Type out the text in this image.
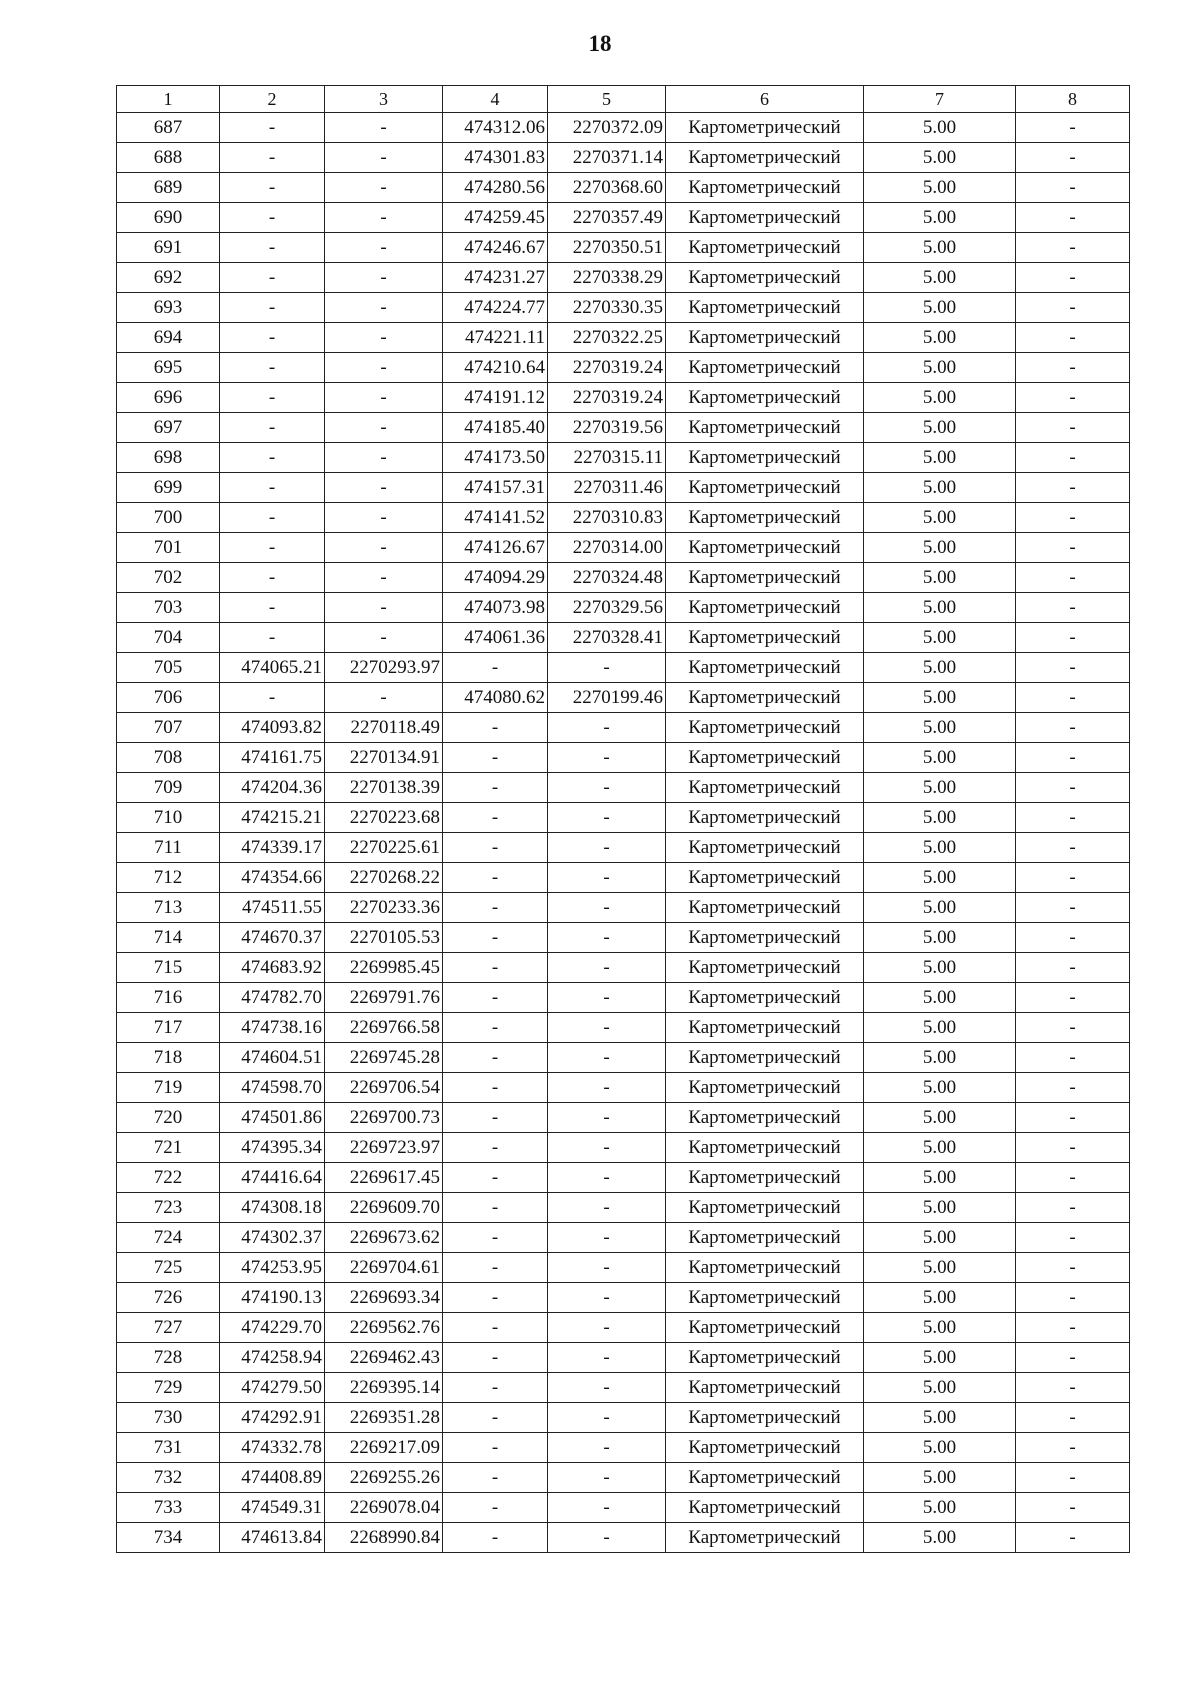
18
1	2	3	4	5	6	7	8
687	-	-	474312.06	2270372.09	Картометрический	5.00	-
688	-	-	474301.83	2270371.14	Картометрический	5.00	-
689	-	-	474280.56	2270368.60	Картометрический	5.00	-
690	-	-	474259.45	2270357.49	Картометрический	5.00	-
691	-	-	474246.67	2270350.51	Картометрический	5.00	-
692	-	-	474231.27	2270338.29	Картометрический	5.00	-
693	-	-	474224.77	2270330.35	Картометрический	5.00	-
694	-	-	474221.11	2270322.25	Картометрический	5.00	-
695	-	-	474210.64	2270319.24	Картометрический	5.00	-
696	-	-	474191.12	2270319.24	Картометрический	5.00	-
697	-	-	474185.40	2270319.56	Картометрический	5.00	-
698	-	-	474173.50	2270315.11	Картометрический	5.00	-
699	-	-	474157.31	2270311.46	Картометрический	5.00	-
700	-	-	474141.52	2270310.83	Картометрический	5.00	-
701	-	-	474126.67	2270314.00	Картометрический	5.00	-
702	-	-	474094.29	2270324.48	Картометрический	5.00	-
703	-	-	474073.98	2270329.56	Картометрический	5.00	-
704	-	-	474061.36	2270328.41	Картометрический	5.00	-
705	474065.21	2270293.97	-	-	Картометрический	5.00	-
706	-	-	474080.62	2270199.46	Картометрический	5.00	-
707	474093.82	2270118.49	-	-	Картометрический	5.00	-
708	474161.75	2270134.91	-	-	Картометрический	5.00	-
709	474204.36	2270138.39	-	-	Картометрический	5.00	-
710	474215.21	2270223.68	-	-	Картометрический	5.00	-
711	474339.17	2270225.61	-	-	Картометрический	5.00	-
712	474354.66	2270268.22	-	-	Картометрический	5.00	-
713	474511.55	2270233.36	-	-	Картометрический	5.00	-
714	474670.37	2270105.53	-	-	Картометрический	5.00	-
715	474683.92	2269985.45	-	-	Картометрический	5.00	-
716	474782.70	2269791.76	-	-	Картометрический	5.00	-
717	474738.16	2269766.58	-	-	Картометрический	5.00	-
718	474604.51	2269745.28	-	-	Картометрический	5.00	-
719	474598.70	2269706.54	-	-	Картометрический	5.00	-
720	474501.86	2269700.73	-	-	Картометрический	5.00	-
721	474395.34	2269723.97	-	-	Картометрический	5.00	-
722	474416.64	2269617.45	-	-	Картометрический	5.00	-
723	474308.18	2269609.70	-	-	Картометрический	5.00	-
724	474302.37	2269673.62	-	-	Картометрический	5.00	-
725	474253.95	2269704.61	-	-	Картометрический	5.00	-
726	474190.13	2269693.34	-	-	Картометрический	5.00	-
727	474229.70	2269562.76	-	-	Картометрический	5.00	-
728	474258.94	2269462.43	-	-	Картометрический	5.00	-
729	474279.50	2269395.14	-	-	Картометрический	5.00	-
730	474292.91	2269351.28	-	-	Картометрический	5.00	-
731	474332.78	2269217.09	-	-	Картометрический	5.00	-
732	474408.89	2269255.26	-	-	Картометрический	5.00	-
733	474549.31	2269078.04	-	-	Картометрический	5.00	-
734	474613.84	2268990.84	-	-	Картометрический	5.00	-
